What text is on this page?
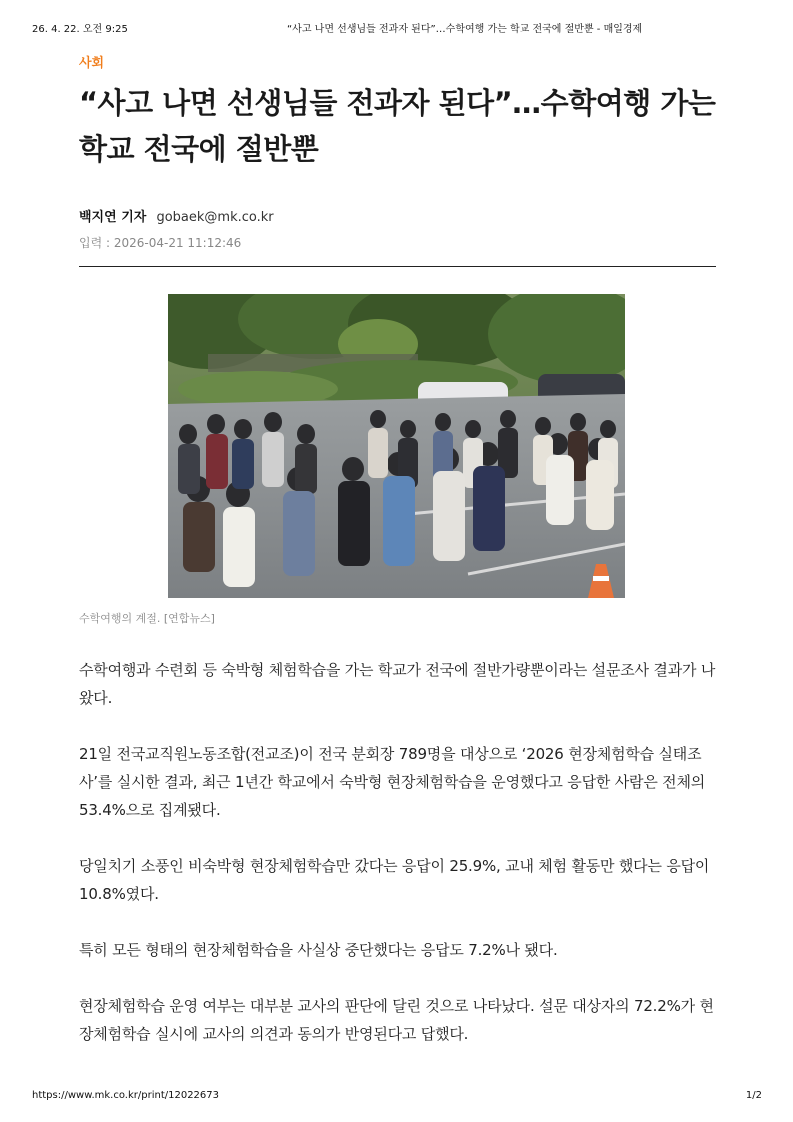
26. 4. 22. 오전 9:25	“사고 나면 선생님들 전과자 된다”…수학여행 가는 학교 전국에 절반뿐 - 매일경제
사회
“사고 나면 선생님들 전과자 된다”…수학여행 가는 학교 전국에 절반뿐
백지연 기자 gobaek@mk.co.kr
입력 : 2026-04-21 11:12:46
수학여행의 계절. [연합뉴스]

수학여행과 수련회 등 숙박형 체험학습을 가는 학교가 전국에 절반가량뿐이라는 설문조사 결과가 나왔다.

21일 전국교직원노동조합(전교조)이 전국 분회장 789명을 대상으로 ‘2026 현장체험학습 실태조사’를 실시한 결과, 최근 1년간 학교에서 숙박형 현장체험학습을 운영했다고 응답한 사람은 전체의 53.4%으로 집계됐다.

당일치기 소풍인 비숙박형 현장체험학습만 갔다는 응답이 25.9%, 교내 체험 활동만 했다는 응답이 10.8%였다.

특히 모든 형태의 현장체험학습을 사실상 중단했다는 응답도 7.2%나 됐다.

현장체험학습 운영 여부는 대부분 교사의 판단에 달린 것으로 나타났다. 설문 대상자의 72.2%가 현장체험학습 실시에 교사의 의견과 동의가 반영된다고 답했다.

https://www.mk.co.kr/print/12022673	1/2
